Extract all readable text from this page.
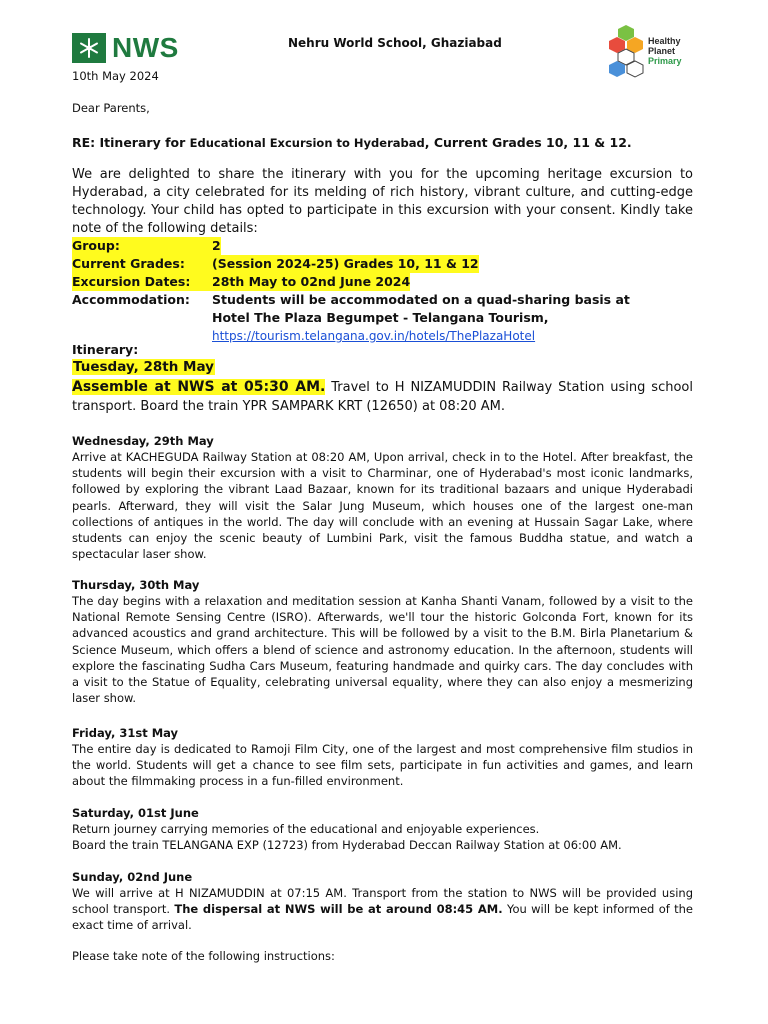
NWS	Nehru World School, Ghaziabad	Healthy
Planet
Primary
10th May 2024
Dear Parents,
RE: Itinerary for Educational Excursion to Hyderabad, Current Grades 10, 11 & 12.

We are delighted to share the itinerary with you for the upcoming heritage excursion to Hyderabad, a city celebrated for its melding of rich history, vibrant culture, and cutting-edge technology. Your child has opted to participate in this excursion with your consent. Kindly take note of the following details:

Group:	2
Current Grades:	(Session 2024-25) Grades 10, 11 & 12
Excursion Dates:	28th May to 02nd June 2024
Accommodation: Students will be accommodated on a quad-sharing basis at
Hotel The Plaza Begumpet - Telangana Tourism,
https://tourism.telangana.gov.in/hotels/ThePlazaHotel
Itinerary:
Tuesday, 28th May

Assemble at NWS at 05:30 AM. Travel to H NIZAMUDDIN Railway Station using school transport. Board the train YPR SAMPARK KRT (12650) at 08:20 AM.

Wednesday, 29th May

Arrive at KACHEGUDA Railway Station at 08:20 AM, Upon arrival, check in to the Hotel. After breakfast, the students will begin their excursion with a visit to Charminar, one of Hyderabad's most iconic landmarks, followed by exploring the vibrant Laad Bazaar, known for its traditional bazaars and unique Hyderabadi pearls. Afterward, they will visit the Salar Jung Museum, which houses one of the largest one-man collections of antiques in the world. The day will conclude with an evening at Hussain Sagar Lake, where students can enjoy the scenic beauty of Lumbini Park, visit the famous Buddha statue, and watch a spectacular laser show.

Thursday, 30th May

The day begins with a relaxation and meditation session at Kanha Shanti Vanam, followed by a visit to the National Remote Sensing Centre (ISRO). Afterwards, we'll tour the historic Golconda Fort, known for its advanced acoustics and grand architecture. This will be followed by a visit to the B.M. Birla Planetarium & Science Museum, which offers a blend of science and astronomy education. In the afternoon, students will explore the fascinating Sudha Cars Museum, featuring handmade and quirky cars. The day concludes with a visit to the Statue of Equality, celebrating universal equality, where they can also enjoy a mesmerizing laser show.

Friday, 31st May

The entire day is dedicated to Ramoji Film City, one of the largest and most comprehensive film studios in the world. Students will get a chance to see film sets, participate in fun activities and games, and learn about the filmmaking process in a fun-filled environment.

Saturday, 01st June

Return journey carrying memories of the educational and enjoyable experiences.

Board the train TELANGANA EXP (12723) from Hyderabad Deccan Railway Station at 06:00 AM.

Sunday, 02nd June

We will arrive at H NIZAMUDDIN at 07:15 AM. Transport from the station to NWS will be provided using school transport. The dispersal at NWS will be at around 08:45 AM. You will be kept informed of the exact time of arrival.

Please take note of the following instructions:
